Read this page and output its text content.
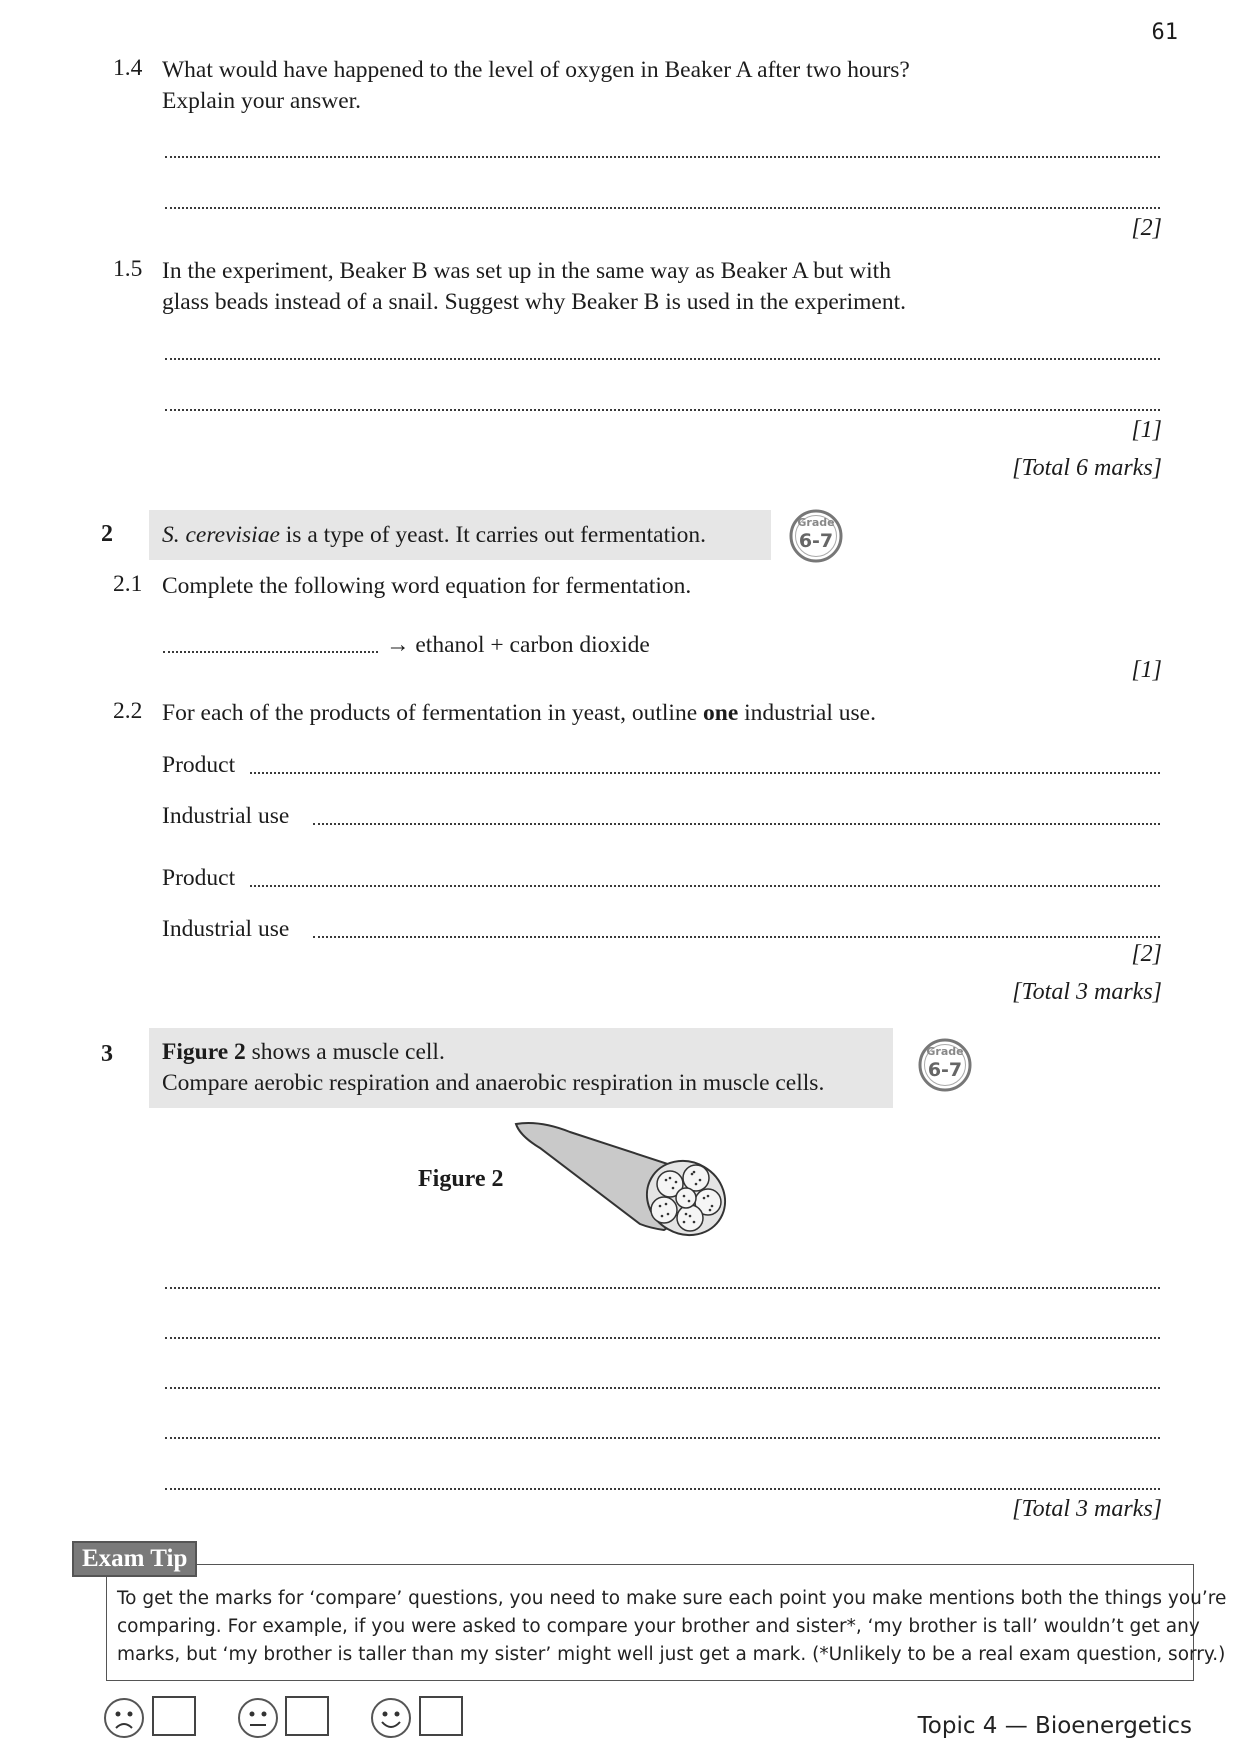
61
1.4 What would have happened to the level of oxygen in Beaker A after two hours?
Explain your answer.
[2]
1.5 In the experiment, Beaker B was set up in the same way as Beaker A but with
glass beads instead of a snail. Suggest why Beaker B is used in the experiment.
[1]
[Total 6 marks]
2 S. cerevisiae is a type of yeast. It carries out fermentation.	Grade
6-7
2.1 Complete the following word equation for fermentation.
→ ethanol + carbon dioxide
[1]
2.2 For each of the products of fermentation in yeast, outline one industrial use.
Product
Industrial use
Product
Industrial use
[2]
[Total 3 marks]
3 Figure 2 shows a muscle cell.
Compare aerobic respiration and anaerobic respiration in muscle cells.
Grade
6-7
Figure 2
[Total 3 marks]
Exam Tip
To get the marks for ‘compare’ questions, you need to make sure each point you make mentions both the things you’re
comparing. For example, if you were asked to compare your brother and sister*, ‘my brother is tall’ wouldn’t get any
marks, but ‘my brother is taller than my sister’ might well just get a mark. (*Unlikely to be a real exam question, sorry.)
Topic 4 — Bioenergetics
